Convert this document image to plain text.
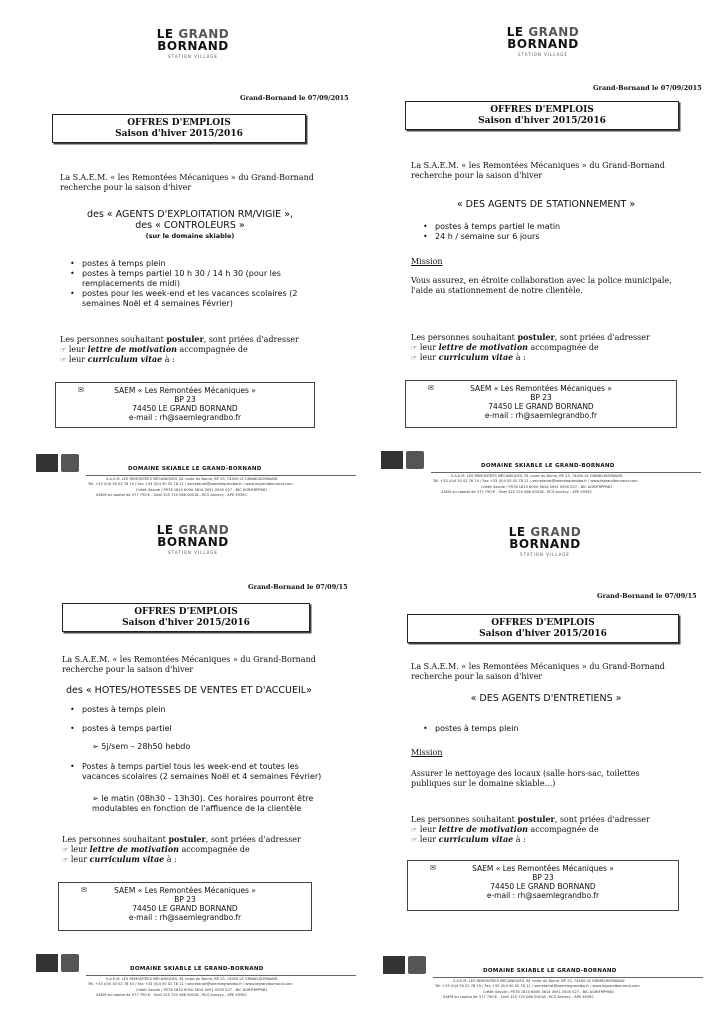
LE GRAND
BORNAND
STATION VILLAGE
Grand-Bornand le 07/09/2015
OFFRES D'EMPLOIS
Saison d'hiver 2015/2016
La S.A.E.M. « les Remontées Mécaniques » du Grand-Bornand
recherche pour la saison d'hiver
des « AGENTS D'EXPLOITATION RM/VIGIE »,
des « CONTROLEURS »
(sur le domaine skiable)
• postes à temps plein
• postes à temps partiel 10 h 30 / 14 h 30 (pour les remplacements de midi)
• postes pour les week-end et les vacances scolaires (2 semaines Noël et 4 semaines Février)
Les personnes souhaitant postuler, sont priées d'adresser
☞ leur lettre de motivation accompagnée de
☞ leur curriculum vitae à :
✉	SAEM « Les Remontées Mécaniques »
BP 23
74450 LE GRAND BORNAND
e-mail : rh@saemlegrandbo.fr
DOMAINE SKIABLE LE GRAND-BORNAND
S.A.E.M. LES REMONTÉES MÉCANIQUES, 81 route du Borne, BP 23, 74450 LE GRAND-BORNAND
Tél. +33 (0)4 50 02 78 10 / Fax +33 (0)4 50 02 78 11 / secretariat@saemlegrandbo.fr / www.legrandbornand.com
Crédit Savoie / FR76 1810 6000 3614 0091 0505 027 - BIC AGRIFRPP881
SAEM au capital de 377 790 € - Siret 325 720 066 00018 - RCS Annecy - APE 4939C
LE GRAND
BORNAND
STATION VILLAGE
Grand-Bornand le 07/09/2015
OFFRES D'EMPLOIS
Saison d'hiver 2015/2016
La S.A.E.M. « les Remontées Mécaniques » du Grand-Bornand
recherche pour la saison d'hiver
« DES AGENTS DE STATIONNEMENT »
• postes à temps partiel le matin
• 24 h / semaine sur 6 jours
Mission
Vous assurez, en étroite collaboration avec la police municipale, l'aide au stationnement de notre clientèle.
Les personnes souhaitant postuler, sont priées d'adresser
☞ leur lettre de motivation accompagnée de
☞ leur curriculum vitae à :
✉	SAEM « Les Remontées Mécaniques »
BP 23
74450 LE GRAND BORNAND
e-mail : rh@saemlegrandbo.fr
DOMAINE SKIABLE LE GRAND-BORNAND
S.A.E.M. LES REMONTÉES MÉCANIQUES, 81 route du Borne, BP 23, 74450 LE GRAND-BORNAND
Tél. +33 (0)4 50 02 78 10 / Fax +33 (0)4 50 02 78 11 / secretariat@saemlegrandbo.fr / www.legrandbornand.com
Crédit Savoie / FR76 1810 6000 3614 0091 0505 027 - BIC AGRIFRPP881
SAEM au capital de 377 790 € - Siret 325 720 066 00018 - RCS Annecy - APE 4939C
LE GRAND
BORNAND
STATION VILLAGE
Grand-Bornand le 07/09/15
OFFRES D'EMPLOIS
Saison d'hiver 2015/2016
La S.A.E.M. « les Remontées Mécaniques » du Grand-Bornand
recherche pour la saison d'hiver
des « HOTES/HOTESSES DE VENTES ET D'ACCUEIL»
• postes à temps plein
• postes à temps partiel
➢ 5j/sem – 28h50 hebdo
• Postes à temps partiel tous les week-end et toutes les vacances scolaires (2 semaines Noël et 4 semaines Février)
➢ le matin (08h30 – 13h30). Ces horaires pourront être modulables en fonction de l'affluence de la clientèle
Les personnes souhaitant postuler, sont priées d'adresser
☞ leur lettre de motivation accompagnée de
☞ leur curriculum vitae à :
✉	SAEM « Les Remontées Mécaniques »
BP 23
74450 LE GRAND BORNAND
e-mail : rh@saemlegrandbo.fr
DOMAINE SKIABLE LE GRAND-BORNAND
S.A.E.M. LES REMONTÉES MÉCANIQUES, 81 route du Borne, BP 23, 74450 LE GRAND-BORNAND
Tél. +33 (0)4 50 02 78 10 / Fax +33 (0)4 50 02 78 11 / secretariat@saemlegrandbo.fr / www.legrandbornand.com
Crédit Savoie / FR76 1810 6000 3614 0091 0505 027 - BIC AGRIFRPP881
SAEM au capital de 377 790 € - Siret 325 720 066 00018 - RCS Annecy - APE 4939C
LE GRAND
BORNAND
STATION VILLAGE
Grand-Bornand le 07/09/15
OFFRES D'EMPLOIS
Saison d'hiver 2015/2016
La S.A.E.M. « les Remontées Mécaniques » du Grand-Bornand
recherche pour la saison d'hiver
« DES AGENTS D'ENTRETIENS »
• postes à temps plein
Mission
Assurer le nettoyage des locaux (salle hors-sac, toilettes publiques sur le domaine skiable...)
Les personnes souhaitant postuler, sont priées d'adresser
☞ leur lettre de motivation accompagnée de
☞ leur curriculum vitae à :
✉	SAEM « Les Remontées Mécaniques »
BP 23
74450 LE GRAND BORNAND
e-mail : rh@saemlegrandbo.fr
DOMAINE SKIABLE LE GRAND-BORNAND
S.A.E.M. LES REMONTÉES MÉCANIQUES, 81 route du Borne, BP 23, 74450 LE GRAND-BORNAND
Tél. +33 (0)4 50 02 78 10 / Fax +33 (0)4 50 02 78 11 / secretariat@saemlegrandbo.fr / www.legrandbornand.com
Crédit Savoie / FR76 1810 6000 3614 0091 0505 027 - BIC AGRIFRPP881
SAEM au capital de 377 790 € - Siret 325 720 066 00018 - RCS Annecy - APE 4939C
